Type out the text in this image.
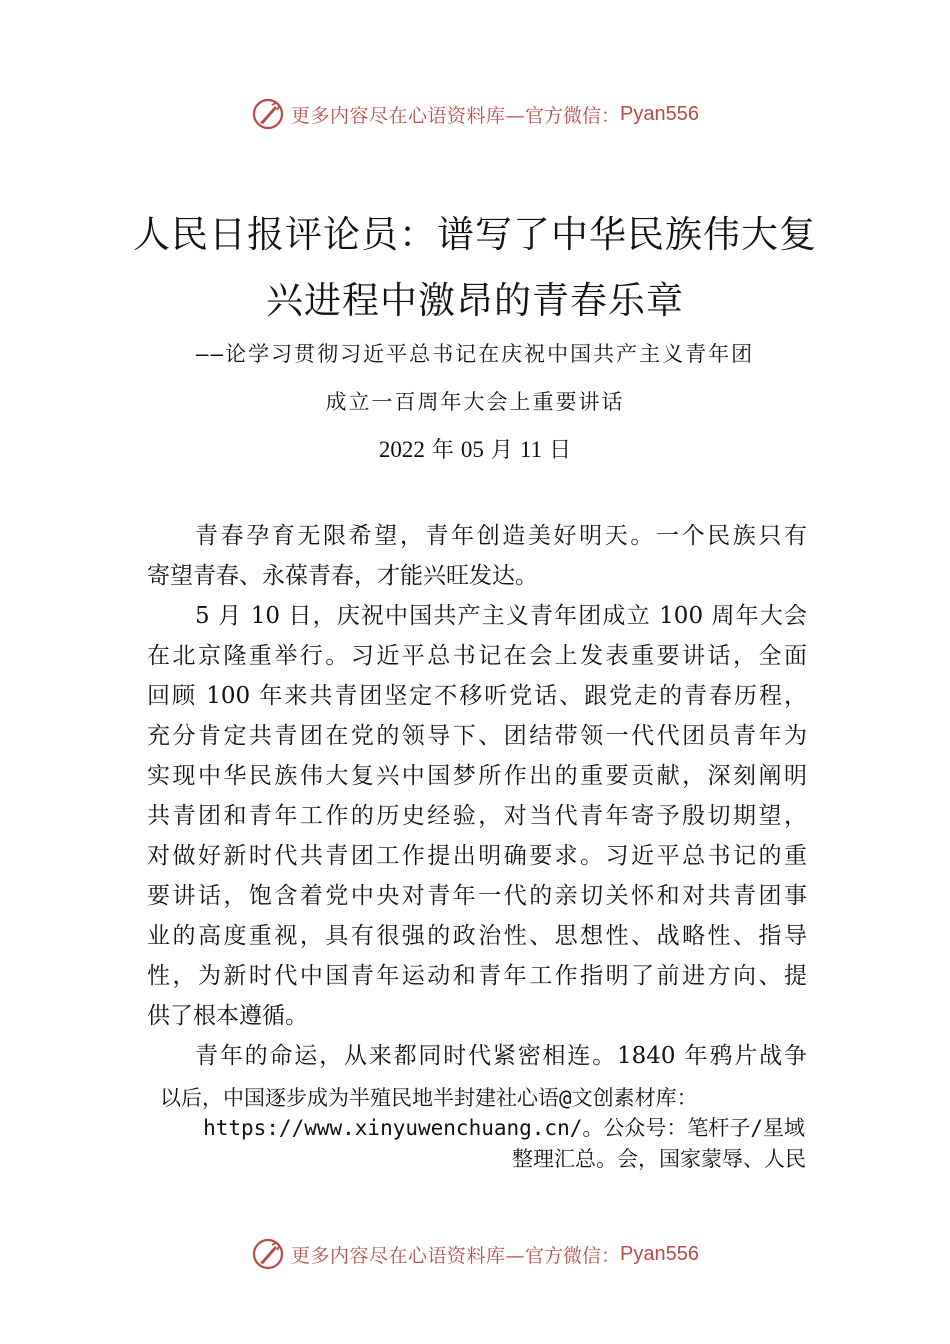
更多内容尽在心语资料库— 官方微信： Pyan556
人民日报评论员：谱写了中华民族伟大复
兴进程中激昂的青春乐章
——论学习贯彻习近平总书记在庆祝中国共产主义青年团
成立一百周年大会上重要讲话
2022 年 05 月 11 日
青春孕育无限希望，青年创造美好明天。一个民族只有
寄望青春、永葆青春，才能兴旺发达。
5 月 10 日，庆祝中国共产主义青年团成立 100 周年大会
在北京隆重举行。习近平总书记在会上发表重要讲话，全面
回顾 100 年来共青团坚定不移听党话、跟党走的青春历程，
充分肯定共青团在党的领导下、团结带领一代代团员青年为
实现中华民族伟大复兴中国梦所作出的重要贡献，深刻阐明
共青团和青年工作的历史经验，对当代青年寄予殷切期望，
对做好新时代共青团工作提出明确要求。习近平总书记的重
要讲话，饱含着党中央对青年一代的亲切关怀和对共青团事
业的高度重视，具有很强的政治性、思想性、战略性、指导
性，为新时代中国青年运动和青年工作指明了前进方向、提
供了根本遵循。
青年的命运，从来都同时代紧密相连。1840 年鸦片战争
以后，中国逐步成为半殖民地半封建社心语@文创素材库：
https://www.xinyuwenchuang.cn/。公众号：笔杆子/星域
整理汇总。会，国家蒙辱、人民
更多内容尽在心语资料库— 官方微信： Pyan556
